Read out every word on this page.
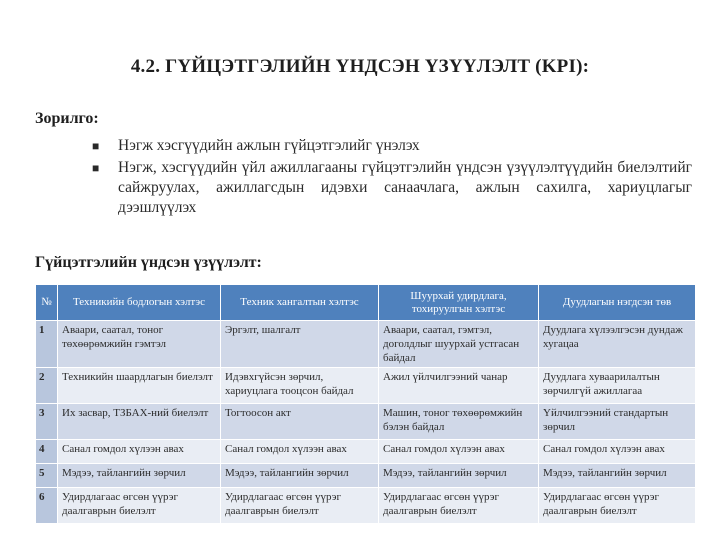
4.2. ГҮЙЦЭТГЭЛИЙН ҮНДСЭН ҮЗҮҮЛЭЛТ (KPI):
Зорилго:
■ Нэгж хэсгүүдийн ажлын гүйцэтгэлийг үнэлэх
■ Нэгж, хэсгүүдийн үйл ажиллагааны гүйцэтгэлийн үндсэн үзүүлэлтүүдийн биелэлтийг сайжруулах, ажиллагсдын идэвхи санаачлага, ажлын сахилга, хариуцлагыг дээшлүүлэх
Гүйцэтгэлийн үндсэн үзүүлэлт:
№	Техникийн бодлогын хэлтэс	Техник хангалтын хэлтэс	Шуурхай удирдлага, тохируулгын хэлтэс	Дуудлагын нэгдсэн төв
1	Аваари, саатал, тоног төхөөрөмжийн гэмтэл	Эргэлт, шалгалт	Аваари, саатал, гэмтэл, доголдлыг шуурхай устгасан байдал	Дуудлага хүлээлгэсэн дундаж хугацаа
2	Техникийн шаардлагын биелэлт	Идэвхгүйсэн зөрчил, хариуцлага тооцсон байдал	Ажил үйлчилгээний чанар	Дуудлага хуваарилалтын зөрчилгүй ажиллагаа
3	Их засвар, ТЗБАХ-ний биелэлт	Тогтоосон акт	Машин, тоног төхөөрөмжийн бэлэн байдал	Үйлчилгээний стандартын зөрчил
4	Санал гомдол хүлээн авах	Санал гомдол хүлээн авах	Санал гомдол хүлээн авах	Санал гомдол хүлээн авах
5	Мэдээ, тайлангийн зөрчил	Мэдээ, тайлангийн зөрчил	Мэдээ, тайлангийн зөрчил	Мэдээ, тайлангийн зөрчил
6	Удирдлагаас өгсөн үүрэг даалгаврын биелэлт	Удирдлагаас өгсөн үүрэг даалгаврын биелэлт	Удирдлагаас өгсөн үүрэг даалгаврын биелэлт	Удирдлагаас өгсөн үүрэг даалгаврын биелэлт
